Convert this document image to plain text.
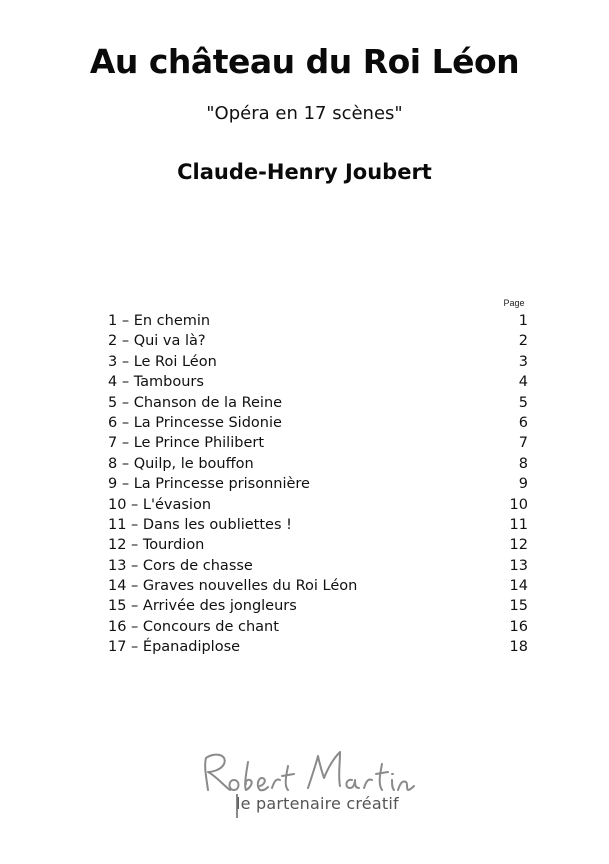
Au château du Roi Léon
"Opéra en 17 scènes"
Claude-Henry Joubert
Page
1 – En chemin	1
2 – Qui va là?	2
3 – Le Roi Léon	3
4 – Tambours	4
5 – Chanson de la Reine	5
6 – La Princesse Sidonie	6
7 – Le Prince Philibert	7
8 – Quilp, le bouffon	8
9 – La Princesse prisonnière	9
10 – L'évasion	10
11 – Dans les oubliettes !	11
12 – Tourdion	12
13 – Cors de chasse	13
14 – Graves nouvelles du Roi Léon	14
15 – Arrivée des jongleurs	15
16 – Concours de chant	16
17 – Épanadiplose	18
le partenaire créatif
